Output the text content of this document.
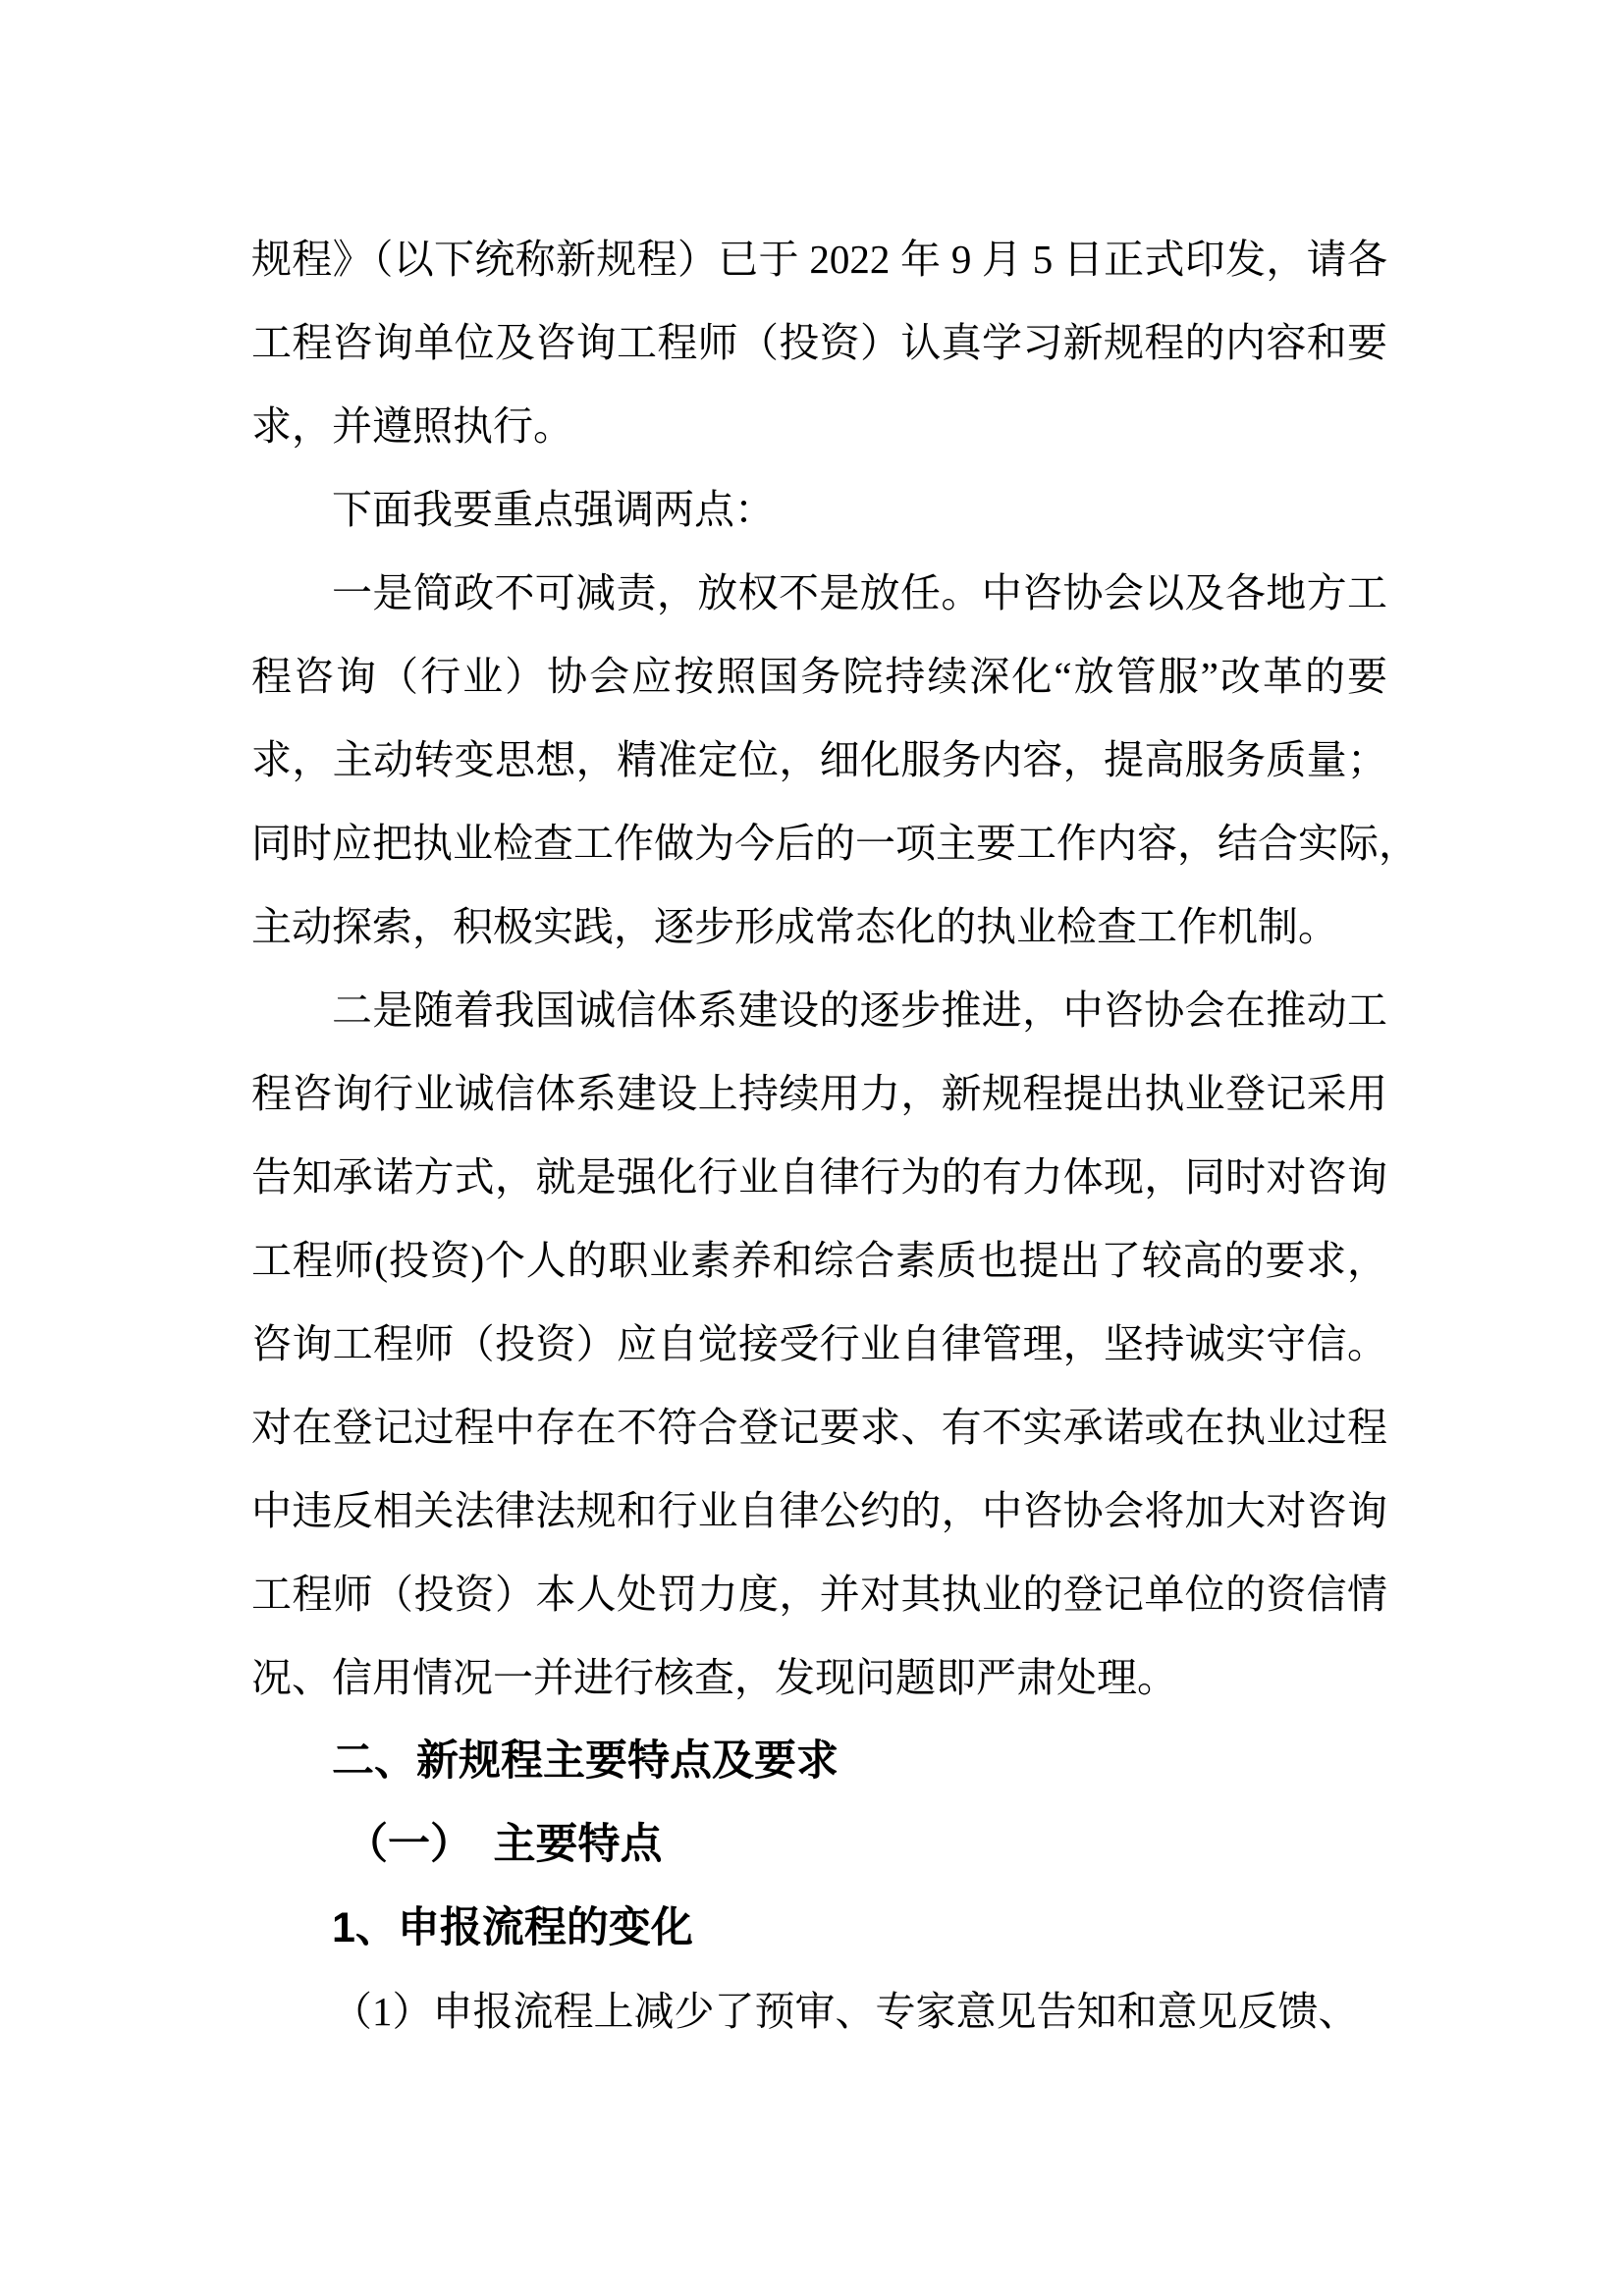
规程》（以下统称新规程）已于 2022 年 9 月 5 日正式印发，请各
工程咨询单位及咨询工程师（投资）认真学习新规程的内容和要
求，并遵照执行。
下面我要重点强调两点：
一是简政不可减责，放权不是放任。中咨协会以及各地方工
程咨询（行业）协会应按照国务院持续深化“放管服”改革的要
求，主动转变思想，精准定位，细化服务内容，提高服务质量；
同时应把执业检查工作做为今后的一项主要工作内容，结合实际，
主动探索，积极实践，逐步形成常态化的执业检查工作机制。
二是随着我国诚信体系建设的逐步推进，中咨协会在推动工
程咨询行业诚信体系建设上持续用力，新规程提出执业登记采用
告知承诺方式，就是强化行业自律行为的有力体现，同时对咨询
工程师(投资)个人的职业素养和综合素质也提出了较高的要求，
咨询工程师（投资）应自觉接受行业自律管理，坚持诚实守信。
对在登记过程中存在不符合登记要求、有不实承诺或在执业过程
中违反相关法律法规和行业自律公约的，中咨协会将加大对咨询
工程师（投资）本人处罚力度，并对其执业的登记单位的资信情
况、信用情况一并进行核查，发现问题即严肃处理。
二、新规程主要特点及要求
（一）　主要特点
1、申报流程的变化
（1）申报流程上减少了预审、专家意见告知和意见反馈、
